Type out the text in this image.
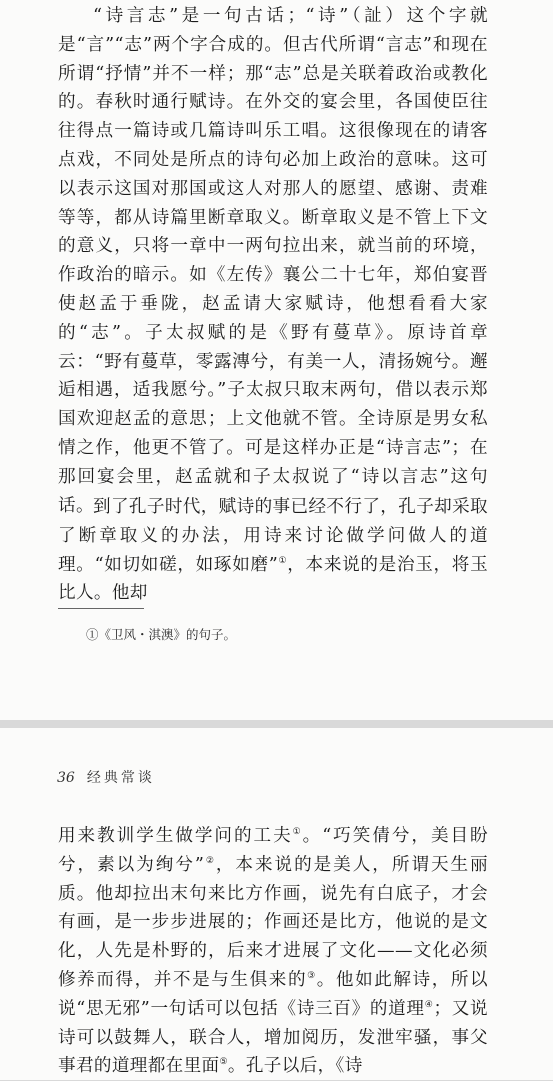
“诗言志”是一句古话；“诗”（訨）这个字就是“言”“志”两个字合成的。但古代所谓“言志”和现在所谓“抒情”并不一样；那“志”总是关联着政治或教化的。春秋时通行赋诗。在外交的宴会里，各国使臣往往得点一篇诗或几篇诗叫乐工唱。这很像现在的请客点戏，不同处是所点的诗句必加上政治的意味。这可以表示这国对那国或这人对那人的愿望、感谢、责难等等，都从诗篇里断章取义。断章取义是不管上下文的意义，只将一章中一两句拉出来，就当前的环境，作政治的暗示。如《左传》襄公二十七年，郑伯宴晋使赵孟于垂陇，赵孟请大家赋诗，他想看看大家的“志”。子太叔赋的是《野有蔓草》。原诗首章云：“野有蔓草，零露漙兮，有美一人，清扬婉兮。邂逅相遇，适我愿兮。”子太叔只取末两句，借以表示郑国欢迎赵孟的意思；上文他就不管。全诗原是男女私情之作，他更不管了。可是这样办正是“诗言志”；在那回宴会里，赵孟就和子太叔说了“诗以言志”这句话。 到了孔子时代，赋诗的事已经不行了，孔子却采取了断章取义的办法，用诗来讨论做学问做人的道理。“如切如磋，如琢如磨”①，本来说的是治玉，将玉比人。他却

①《卫风・淇澳》的句子。

36 经典常谈

用来教训学生做学问的工夫①。“巧笑倩兮，美目盼兮，素以为绚兮”②，本来说的是美人，所谓天生丽质。他却拉出末句来比方作画，说先有白底子，才会有画，是一步步进展的；作画还是比方，他说的是文化，人先是朴野的，后来才进展了文化——文化必须修养而得，并不是与生俱来的③。他如此解诗，所以说“思无邪”一句话可以包括《诗三百》的道理④；又说诗可以鼓舞人，联合人，增加阅历，发泄牢骚，事父事君的道理都在里面⑤。孔子以后，《诗
